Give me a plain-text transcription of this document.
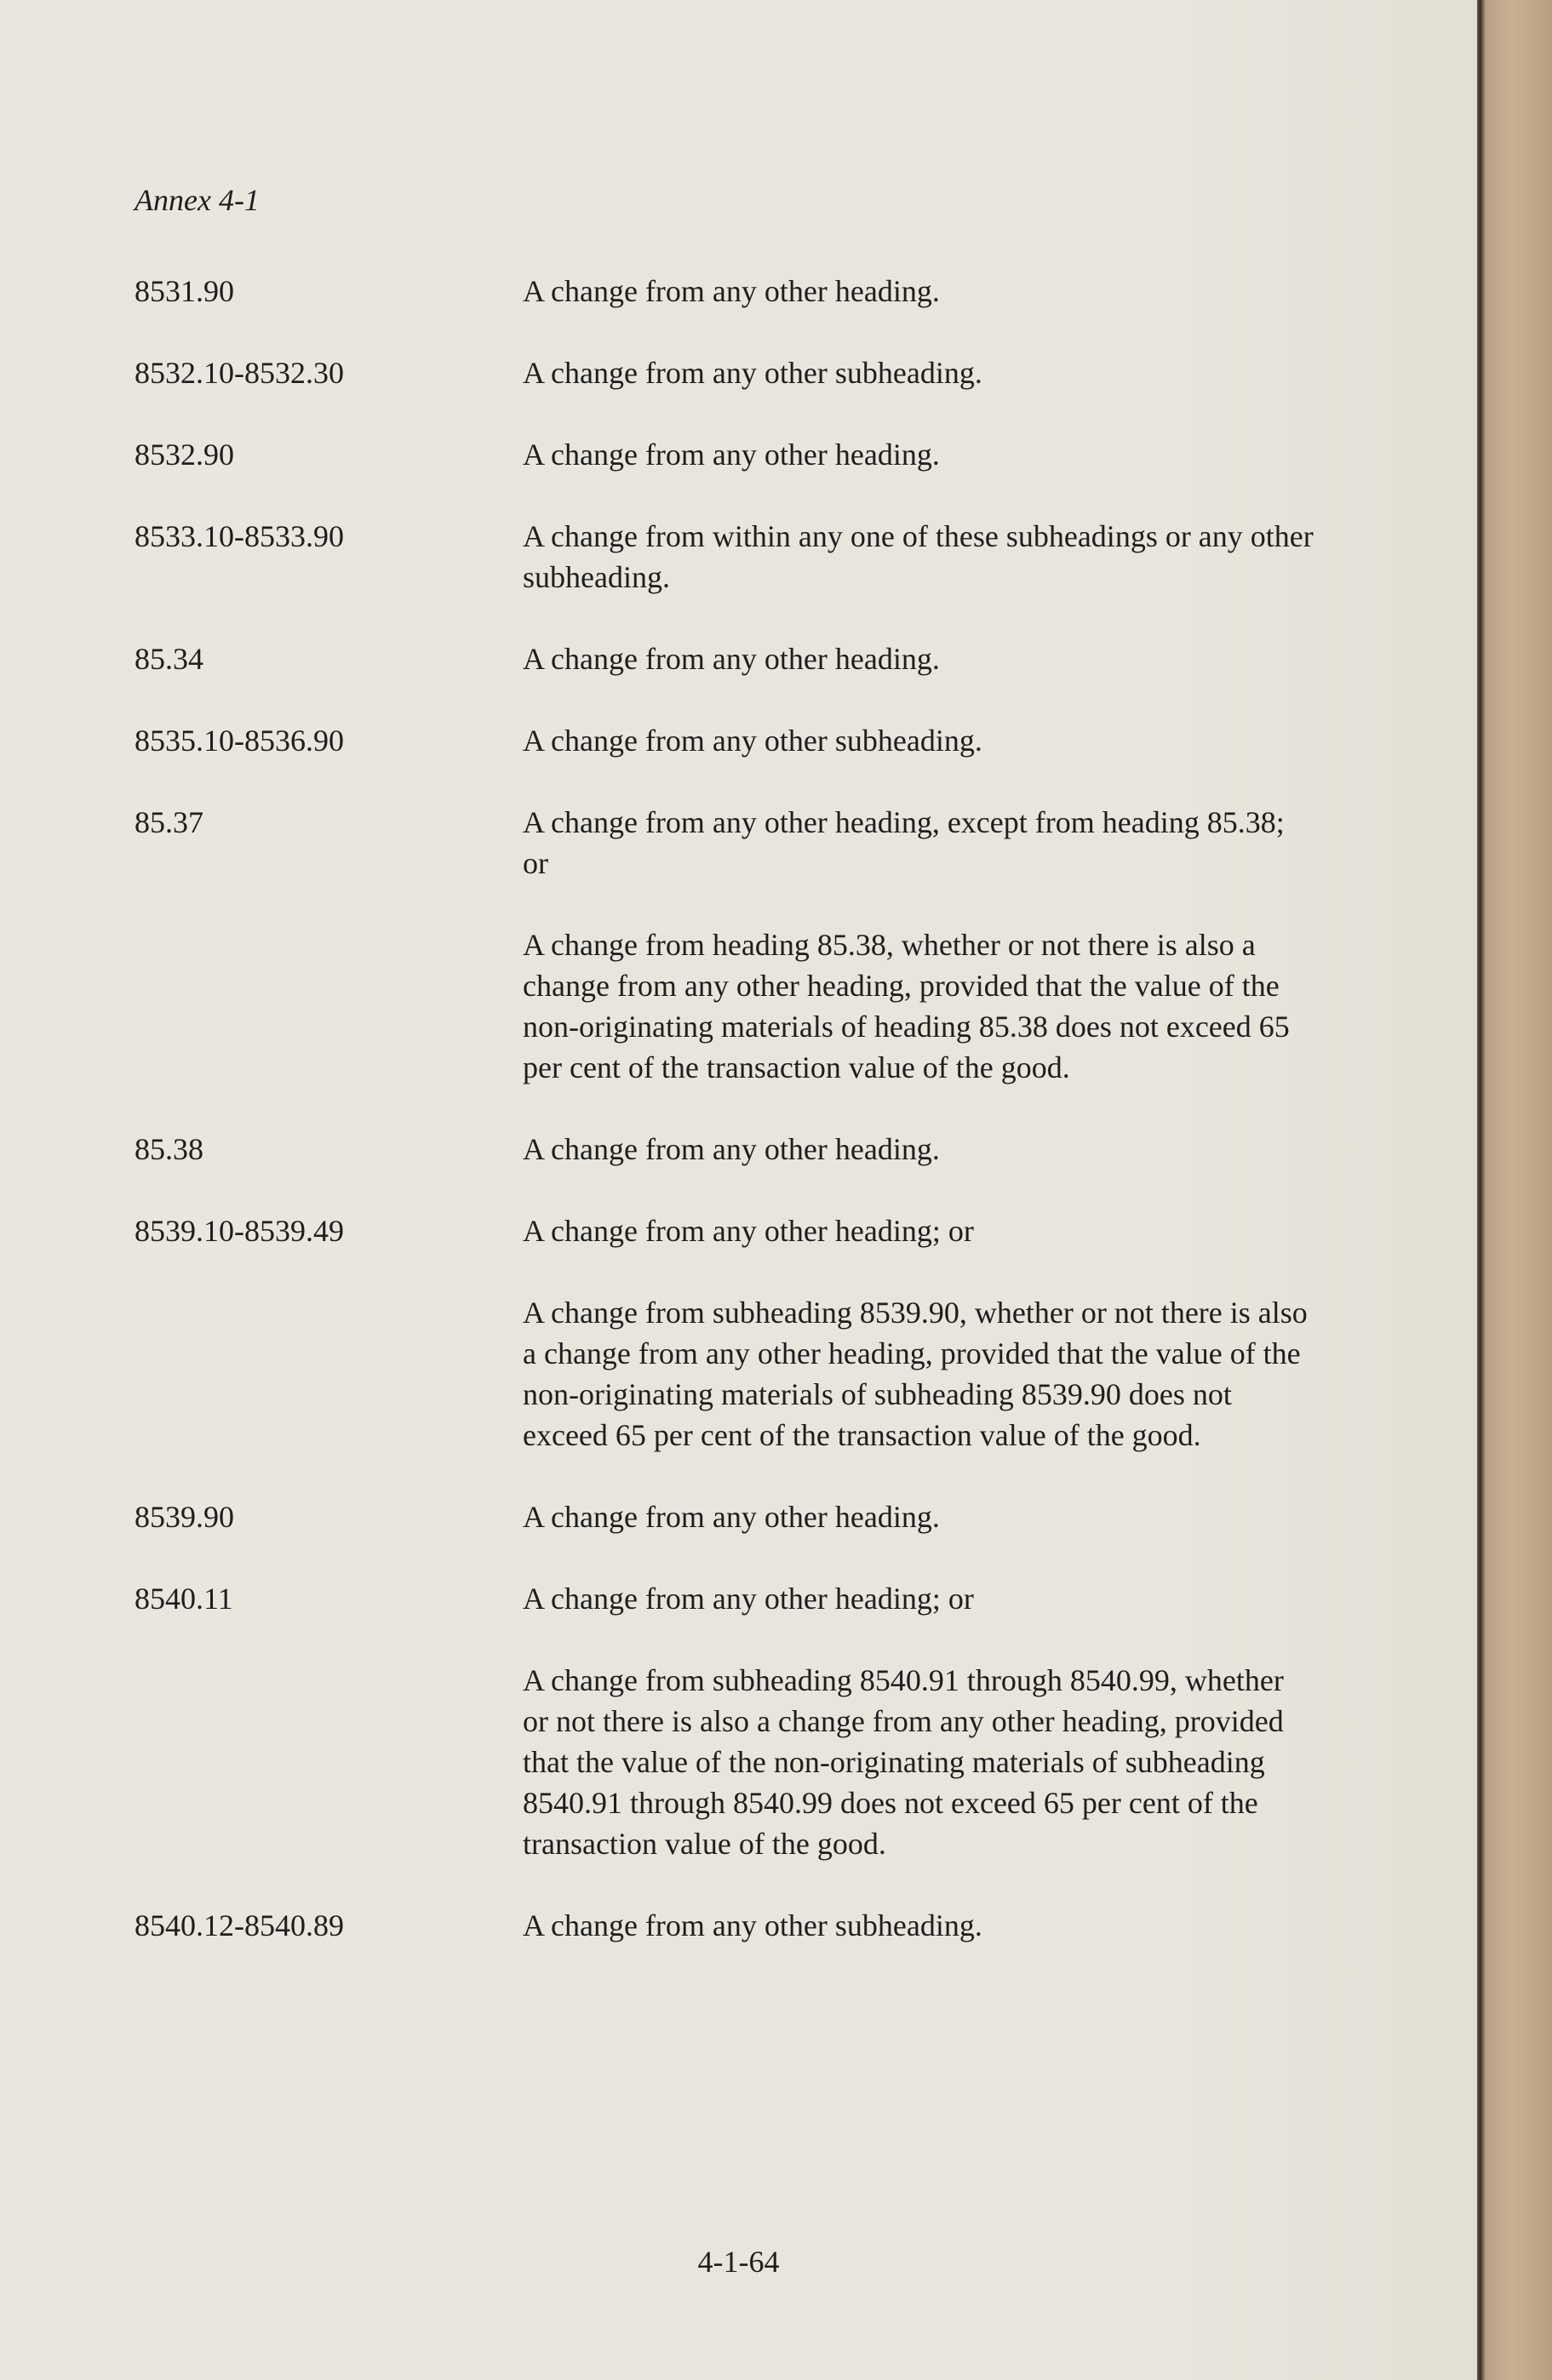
Annex 4-1
8531.90	A change from any other heading.

8532.10-8532.30	A change from any other subheading.

8532.90	A change from any other heading.

8533.10-8533.90	A change from within any one of these subheadings or any other subheading.

85.34	A change from any other heading.

8535.10-8536.90	A change from any other subheading.

85.37	A change from any other heading, except from heading 85.38; or

A change from heading 85.38, whether or not there is also a change from any other heading, provided that the value of the non-originating materials of heading 85.38 does not exceed 65 per cent of the transaction value of the good.

85.38	A change from any other heading.

8539.10-8539.49	A change from any other heading; or

A change from subheading 8539.90, whether or not there is also a change from any other heading, provided that the value of the non-originating materials of subheading 8539.90 does not exceed 65 per cent of the transaction value of the good.

8539.90	A change from any other heading.

8540.11	A change from any other heading; or

A change from subheading 8540.91 through 8540.99, whether or not there is also a change from any other heading, provided that the value of the non-originating materials of subheading 8540.91 through 8540.99 does not exceed 65 per cent of the transaction value of the good.

8540.12-8540.89	A change from any other subheading.

4-1-64
